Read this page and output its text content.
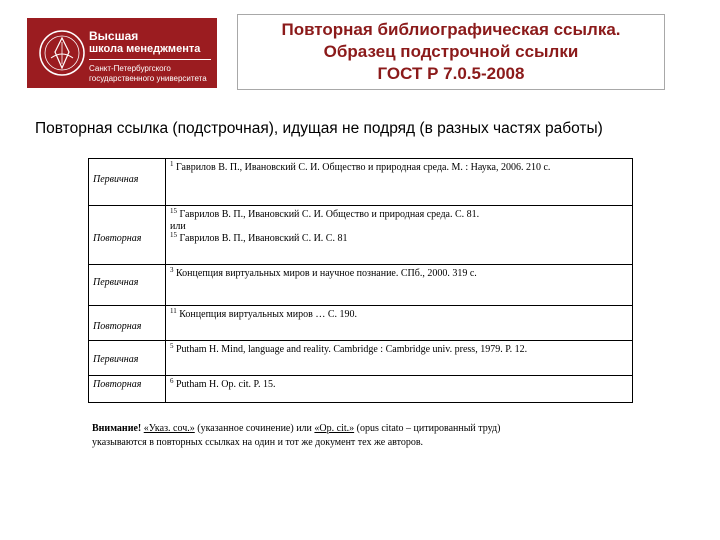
Высшая
школа менеджмента
Санкт-Петербургского
государственного университета
Повторная библиографическая ссылка.
Образец подстрочной ссылки
ГОСТ Р 7.0.5-2008
Повторная ссылка (подстрочная), идущая не подряд (в разных частях работы)
Первичная	$^1$ Гаврилов В. П., Ивановский С. И. Общество и природная среда. М. : Наука, 2006. 210 с.

Повторная	$^{15}$ Гаврилов В. П., Ивановский С. И. Общество и природная среда. С. 81.
или
$^{15}$ Гаврилов В. П., Ивановский С. И. С. 81

Первичная	$^3$ Концепция виртуальных миров и научное познание. СПб., 2000. 319 с.

Повторная	$^{11}$ Концепция виртуальных миров … С. 190.

Первичная	$^5$ Putham H. Mind, language and reality. Cambridge : Cambridge univ. press, 1979. P. 12.

Повторная	$^6$ Putham H. Op. cit. P. 15.
Внимание! «Указ. соч.» (указанное сочинение) или «Op. cit.» (opus citato – цитированный труд)
указываются в повторных ссылках на один и тот же документ тех же авторов.
